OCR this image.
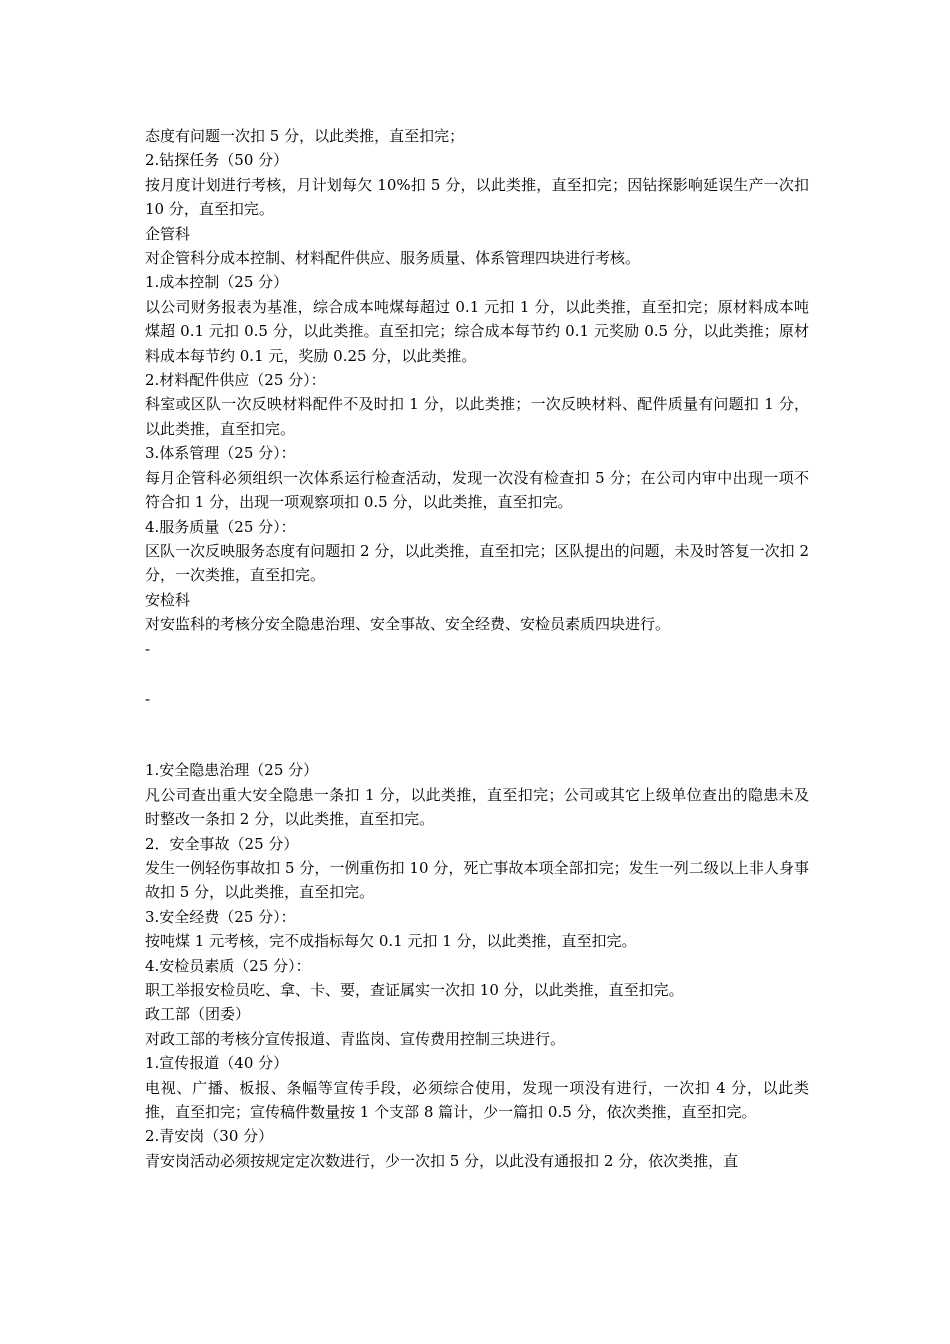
态度有问题一次扣 5 分，以此类推，直至扣完；

2.钻探任务（50 分）

按月度计划进行考核，月计划每欠 10%扣 5 分，以此类推，直至扣完；因钻探影响延误生产一次扣 10 分，直至扣完。

企管科

对企管科分成本控制、材料配件供应、服务质量、体系管理四块进行考核。

1.成本控制（25 分）

以公司财务报表为基准，综合成本吨煤每超过 0.1 元扣 1 分，以此类推，直至扣完；原材料成本吨煤超 0.1 元扣 0.5 分，以此类推。直至扣完；综合成本每节约 0.1 元奖励 0.5 分，以此类推；原材料成本每节约 0.1 元，奖励 0.25 分，以此类推。

2.材料配件供应（25 分）：

科室或区队一次反映材料配件不及时扣 1 分，以此类推；一次反映材料、配件质量有问题扣 1 分，以此类推，直至扣完。

3.体系管理（25 分）：

每月企管科必须组织一次体系运行检查活动，发现一次没有检查扣 5 分；在公司内审中出现一项不符合扣 1 分，出现一项观察项扣 0.5 分，以此类推，直至扣完。

4.服务质量（25 分）：

区队一次反映服务态度有问题扣 2 分，以此类推，直至扣完；区队提出的问题，未及时答复一次扣 2 分，一次类推，直至扣完。

安检科

对安监科的考核分安全隐患治理、安全事故、安全经费、安检员素质四块进行。

-

-

1.安全隐患治理（25 分）

凡公司查出重大安全隐患一条扣 1 分，以此类推，直至扣完；公司或其它上级单位查出的隐患未及时整改一条扣 2 分，以此类推，直至扣完。

2．安全事故（25 分）

发生一例轻伤事故扣 5 分，一例重伤扣 10 分，死亡事故本项全部扣完；发生一列二级以上非人身事故扣 5 分，以此类推，直至扣完。

3.安全经费（25 分）：

按吨煤 1 元考核，完不成指标每欠 0.1 元扣 1 分，以此类推，直至扣完。

4.安检员素质（25 分）：

职工举报安检员吃、拿、卡、要，查证属实一次扣 10 分，以此类推，直至扣完。

政工部（团委）

对政工部的考核分宣传报道、青监岗、宣传费用控制三块进行。

1.宣传报道（40 分）

电视、广播、板报、条幅等宣传手段，必须综合使用，发现一项没有进行，一次扣 4 分，以此类推，直至扣完；宣传稿件数量按 1 个支部 8 篇计，少一篇扣 0.5 分，依次类推，直至扣完。

2.青安岗（30 分）

青安岗活动必须按规定定次数进行，少一次扣 5 分，以此没有通报扣 2 分，依次类推，直
